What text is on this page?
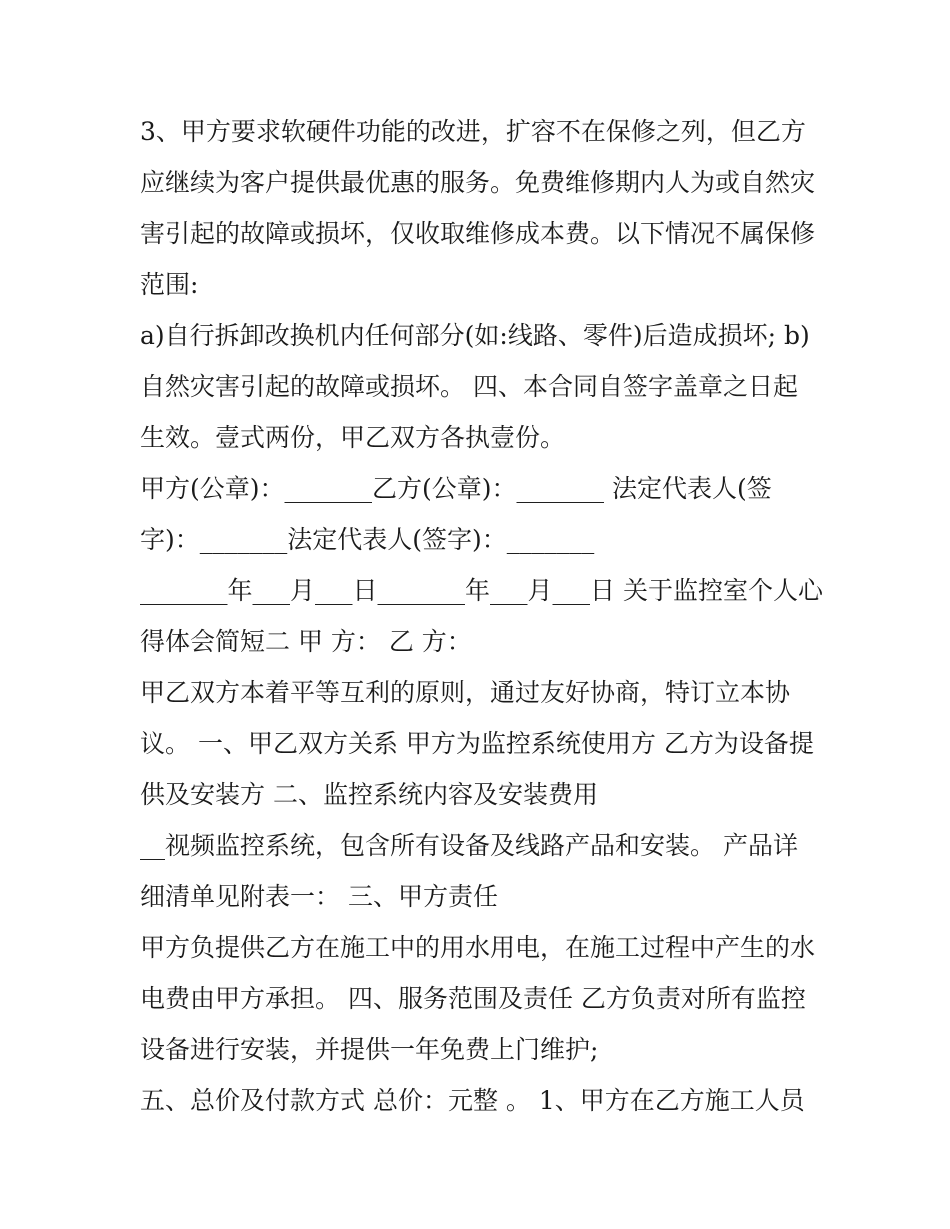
3、甲方要求软硬件功能的改进，扩容不在保修之列，但乙方
应继续为客户提供最优惠的服务。免费维修期内人为或自然灾
害引起的故障或损坏，仅收取维修成本费。以下情况不属保修
范围:
a)自行拆卸改换机内任何部分(如:线路、零件)后造成损坏; b)
自然灾害引起的故障或损坏。 四、本合同自签字盖章之日起
生效。壹式两份，甲乙双方各执壹份。
甲方(公章)：_______乙方(公章)：_______ 法定代表人(签
字)：_______法定代表人(签字)：_______
_______年___月___日_______年___月___日 关于监控室个人心
得体会简短二 甲 方： 乙 方：
甲乙双方本着平等互利的原则，通过友好协商，特订立本协
议。 一、甲乙双方关系 甲方为监控系统使用方 乙方为设备提
供及安装方 二、监控系统内容及安装费用
__视频监控系统，包含所有设备及线路产品和安装。 产品详
细清单见附表一： 三、甲方责任
甲方负提供乙方在施工中的用水用电，在施工过程中产生的水
电费由甲方承担。 四、服务范围及责任 乙方负责对所有监控
设备进行安装，并提供一年免费上门维护;
五、总价及付款方式 总价：元整 。 1、甲方在乙方施工人员
